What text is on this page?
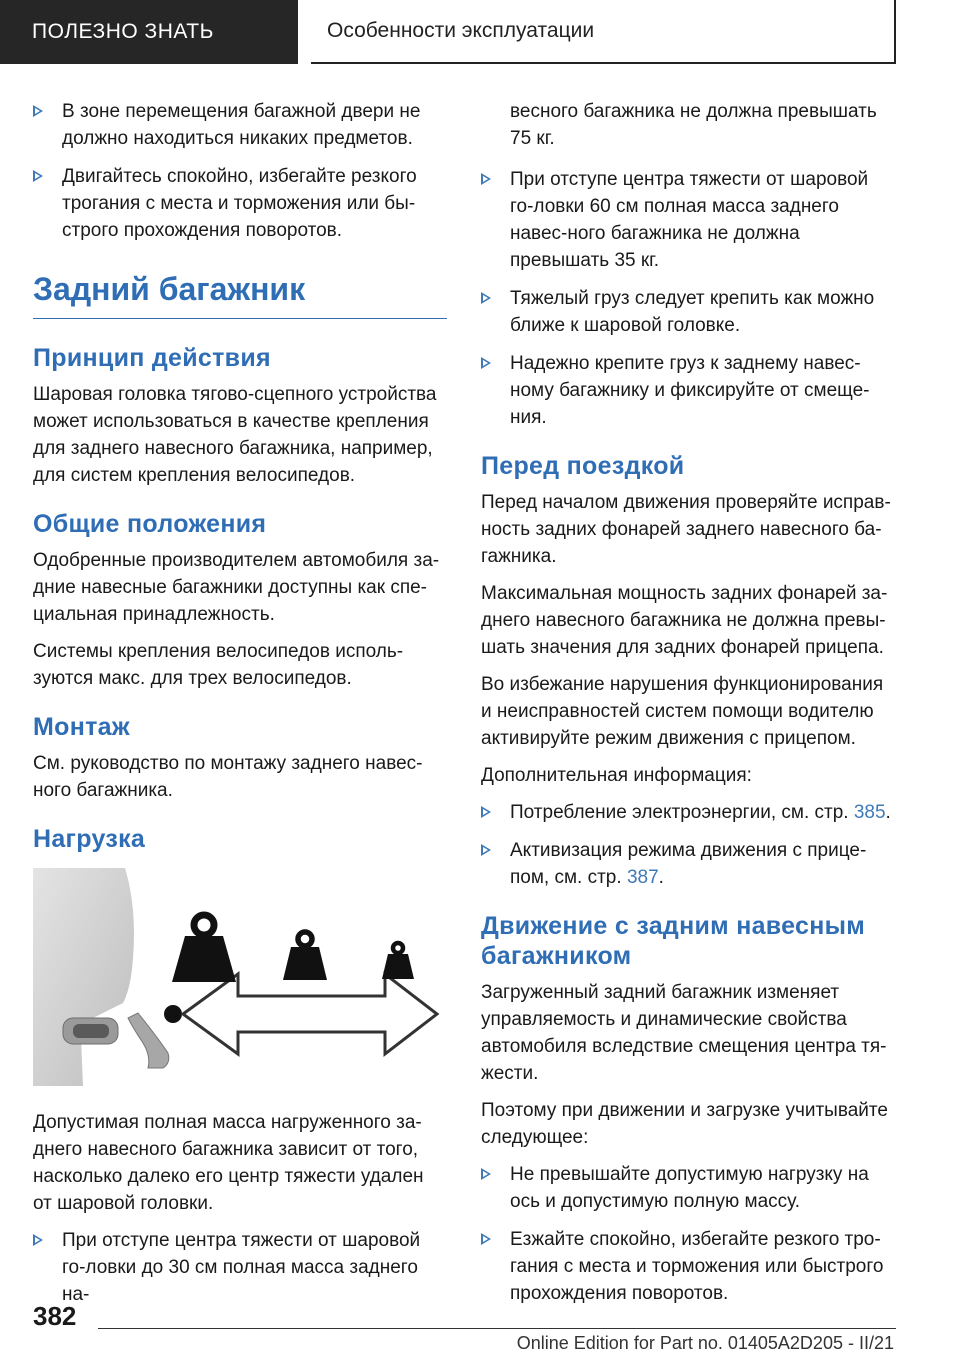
ПОЛЕЗНО ЗНАТЬ	Особенности эксплуатации
В зоне перемещения багажной двери не должно находиться никаких предметов.
Двигайтесь спокойно, избегайте резкого трогания с места и торможения или бы-строго прохождения поворотов.
Задний багажник
Принцип действия

Шаровая головка тягово-сцепного устройства может использоваться в качестве крепления для заднего навесного багажника, например, для систем крепления велосипедов.

Общие положения

Одобренные производителем автомобиля за-дние навесные багажники доступны как спе-циальная принадлежность.

Системы крепления велосипедов исполь-зуются макс. для трех велосипедов.

Монтаж

См. руководство по монтажу заднего навес-ного багажника.

Нагрузка

Допустимая полная масса нагруженного за-днего навесного багажника зависит от того, насколько далеко его центр тяжести удален от шаровой головки.

При отступе центра тяжести от шаровой го-ловки до 30 см полная масса заднего на-

весного багажника не должна превышать 75 кг.

При отступе центра тяжести от шаровой го-ловки 60 см полная масса заднего навес-ного багажника не должна превышать 35 кг.
Тяжелый груз следует крепить как можно ближе к шаровой головке.
Надежно крепите груз к заднему навес-ному багажнику и фиксируйте от смеще-ния.
Перед поездкой

Перед началом движения проверяйте исправ-ность задних фонарей заднего навесного ба-гажника.

Максимальная мощность задних фонарей за-днего навесного багажника не должна превы-шать значения для задних фонарей прицепа.

Во избежание нарушения функционирования и неисправностей систем помощи водителю активируйте режим движения с прицепом.

Дополнительная информация:

Потребление электроэнергии, см. стр. 385.
Активизация режима движения с прице-пом, см. стр. 387.
Движение с задним навесным багажником

Загруженный задний багажник изменяет управляемость и динамические свойства автомобиля вследствие смещения центра тя-жести.

Поэтому при движении и загрузке учитывайте следующее:

Не превышайте допустимую нагрузку на ось и допустимую полную массу.
Езжайте спокойно, избегайте резкого тро-гания с места и торможения или быстрого прохождения поворотов.
382
Online Edition for Part no. 01405A2D205 - II/21
